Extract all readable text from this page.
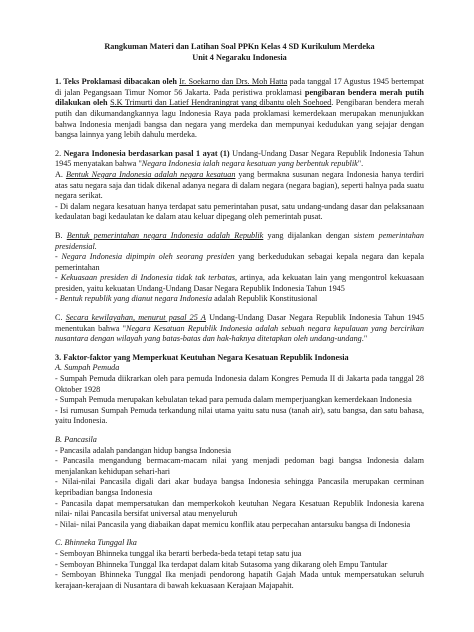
Rangkuman Materi dan Latihan Soal PPKn Kelas 4 SD Kurikulum Merdeka

Unit 4 Negaraku Indonesia

1. Teks Proklamasi dibacakan oleh Ir. Soekarno dan Drs. Moh Hatta pada tanggal 17 Agustus 1945 bertempat di jalan Pegangsaan Timur Nomor 56 Jakarta. Pada peristiwa proklamasi pengibaran bendera merah putih dilakukan oleh S.K Trimurti dan Latief Hendraningrat yang dibantu oleh Soehoed. Pengibaran bendera merah putih dan dikumandangkannya lagu Indonesia Raya pada proklamasi kemerdekaan merupakan menunjukkan bahwa Indonesia menjadi bangsa dan negara yang merdeka dan mempunyai kedudukan yang sejajar dengan bangsa lainnya yang lebih dahulu merdeka.

2. Negara Indonesia berdasarkan pasal 1 ayat (1) Undang-Undang Dasar Negara Republik Indonesia Tahun 1945 menyatakan bahwa "Negara Indonesia ialah negara kesatuan yang berbentuk republik".

A. Bentuk Negara Indonesia adalah negara kesatuan yang bermakna susunan negara Indonesia hanya terdiri atas satu negara saja dan tidak dikenal adanya negara di dalam negara (negara bagian), seperti halnya pada suatu negara serikat.

- Di dalam negara kesatuan hanya terdapat satu pemerintahan pusat, satu undang-undang dasar dan pelaksanaan kedaulatan bagi kedaulatan ke dalam atau keluar dipegang oleh pemerintah pusat.

B. Bentuk pemerintahan negara Indonesia adalah Republik yang dijalankan dengan sistem pemerintahan presidensial.

- Negara Indonesia dipimpin oleh seorang presiden yang berkedudukan sebagai kepala negara dan kepala pemerintahan

- Kekuasaan presiden di Indonesia tidak tak terbatas, artinya, ada kekuatan lain yang mengontrol kekuasaan presiden, yaitu kekuatan Undang-Undang Dasar Negara Republik Indonesia Tahun 1945

- Bentuk republik yang dianut negara Indonesia adalah Republik Konstitusional

C. Secara kewilayahan, menurut pasal 25 A Undang-Undang Dasar Negara Republik Indonesia Tahun 1945 menentukan bahwa "Negara Kesatuan Republik Indonesia adalah sebuah negara kepulauan yang bercirikan nusantara dengan wilayah yang batas-batas dan hak-haknya ditetapkan oleh undang-undang."

3. Faktor-faktor yang Memperkuat Keutuhan Negara Kesatuan Republik Indonesia

A. Sumpah Pemuda

- Sumpah Pemuda diikrarkan oleh para pemuda Indonesia dalam Kongres Pemuda II di Jakarta pada tanggal 28 Oktober 1928

- Sumpah Pemuda merupakan kebulatan tekad para pemuda dalam memperjuangkan kemerdekaan Indonesia

- Isi rumusan Sumpah Pemuda terkandung nilai utama yaitu satu nusa (tanah air), satu bangsa, dan satu bahasa, yaitu Indonesia.

B. Pancasila

- Pancasila adalah pandangan hidup bangsa Indonesia

- Pancasila mengandung bermacam-macam nilai yang menjadi pedoman bagi bangsa Indonesia dalam menjalankan kehidupan sehari-hari

- Nilai-nilai Pancasila digali dari akar budaya bangsa Indonesia sehingga Pancasila merupakan cerminan kepribadian bangsa Indonesia

- Pancasila dapat mempersatukan dan memperkokoh keutuhan Negara Kesatuan Republik Indonesia karena nilai- nilai Pancasila bersifat universal atau menyeluruh

- Nilai- nilai Pancasila yang diabaikan dapat memicu konflik atau perpecahan antarsuku bangsa di Indonesia

C. Bhinneka Tunggal Ika

- Semboyan Bhinneka tunggal ika berarti berbeda-beda tetapi tetap satu jua

- Semboyan Bhinneka Tunggal Ika terdapat dalam kitab Sutasoma yang dikarang oleh Empu Tantular

- Semboyan Bhinneka Tunggal Ika menjadi pendorong hapatih Gajah Mada untuk mempersatukan seluruh kerajaan-kerajaan di Nusantara di bawah kekuasaan Kerajaan Majapahit.
